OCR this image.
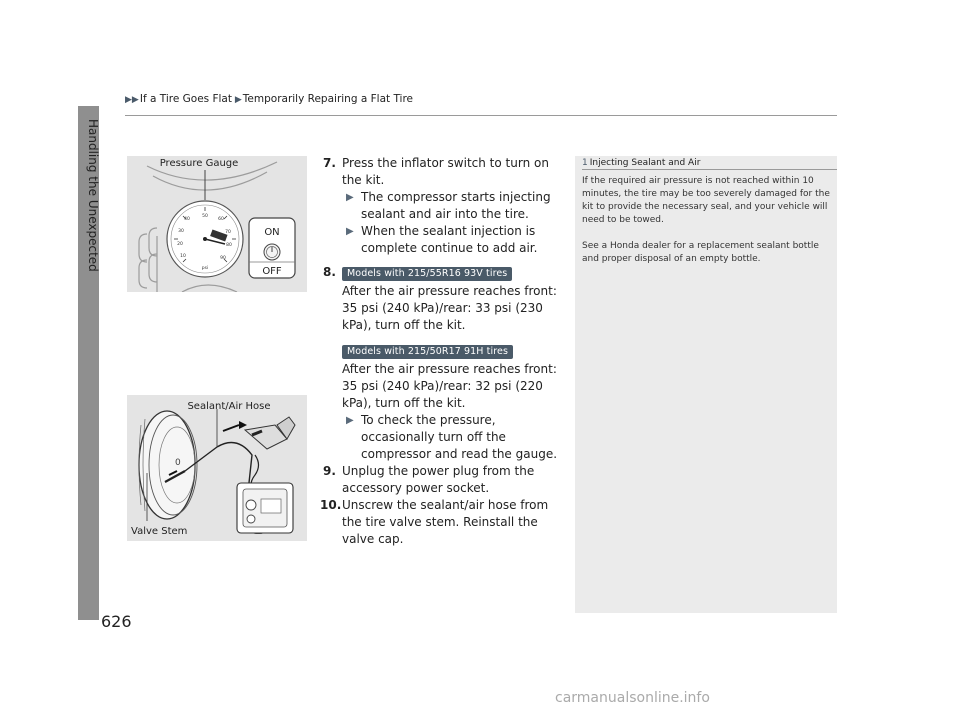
▶▶If a Tire Goes Flat ▶Temporarily Repairing a Flat Tire
Handling the Unexpected	50
60
70
80
90
40
30
20
10
psi
ON
OFF
Pressure Gauge
0
Sealant/Air Hose
Valve Stem
7. Press the inflator switch to turn on the kit.
▶ The compressor starts injecting sealant and air into the tire.
▶ When the sealant injection is complete continue to add air.
8. Models with 215/55R16 93V tires
After the air pressure reaches front: 35 psi (240 kPa)/rear: 33 psi (230 kPa), turn off the kit.
Models with 215/50R17 91H tires
After the air pressure reaches front: 35 psi (240 kPa)/rear: 32 psi (220 kPa), turn off the kit.
▶ To check the pressure, occasionally turn off the compressor and read the gauge.
9. Unplug the power plug from the accessory power socket.
10. Unscrew the sealant/air hose from the tire valve stem. Reinstall the valve cap.
1 Injecting Sealant and Air

If the required air pressure is not reached within 10 minutes, the tire may be too severely damaged for the kit to provide the necessary seal, and your vehicle will need to be towed.

See a Honda dealer for a replacement sealant bottle and proper disposal of an empty bottle.

626
carmanualsonline.info
